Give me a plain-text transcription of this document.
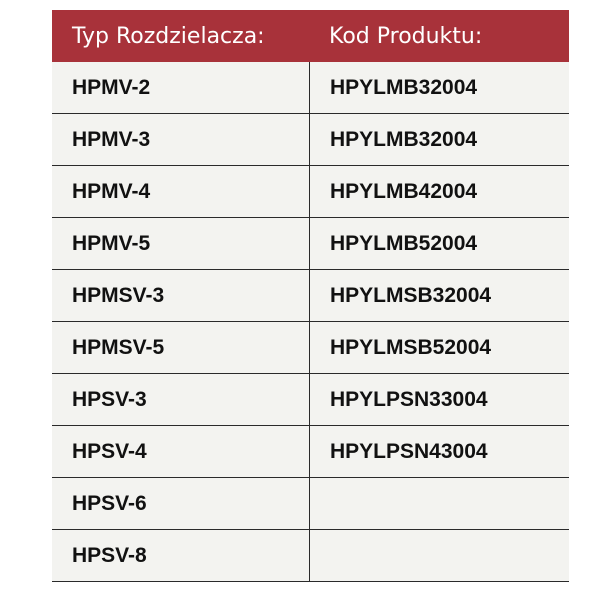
Typ Rozdzielacza:	Kod Produktu:
HPMV-2	HPYLMB32004
HPMV-3	HPYLMB32004
HPMV-4	HPYLMB42004
HPMV-5	HPYLMB52004
HPMSV-3	HPYLMSB32004
HPMSV-5	HPYLMSB52004
HPSV-3	HPYLPSN33004
HPSV-4	HPYLPSN43004
HPSV-6
HPSV-8
